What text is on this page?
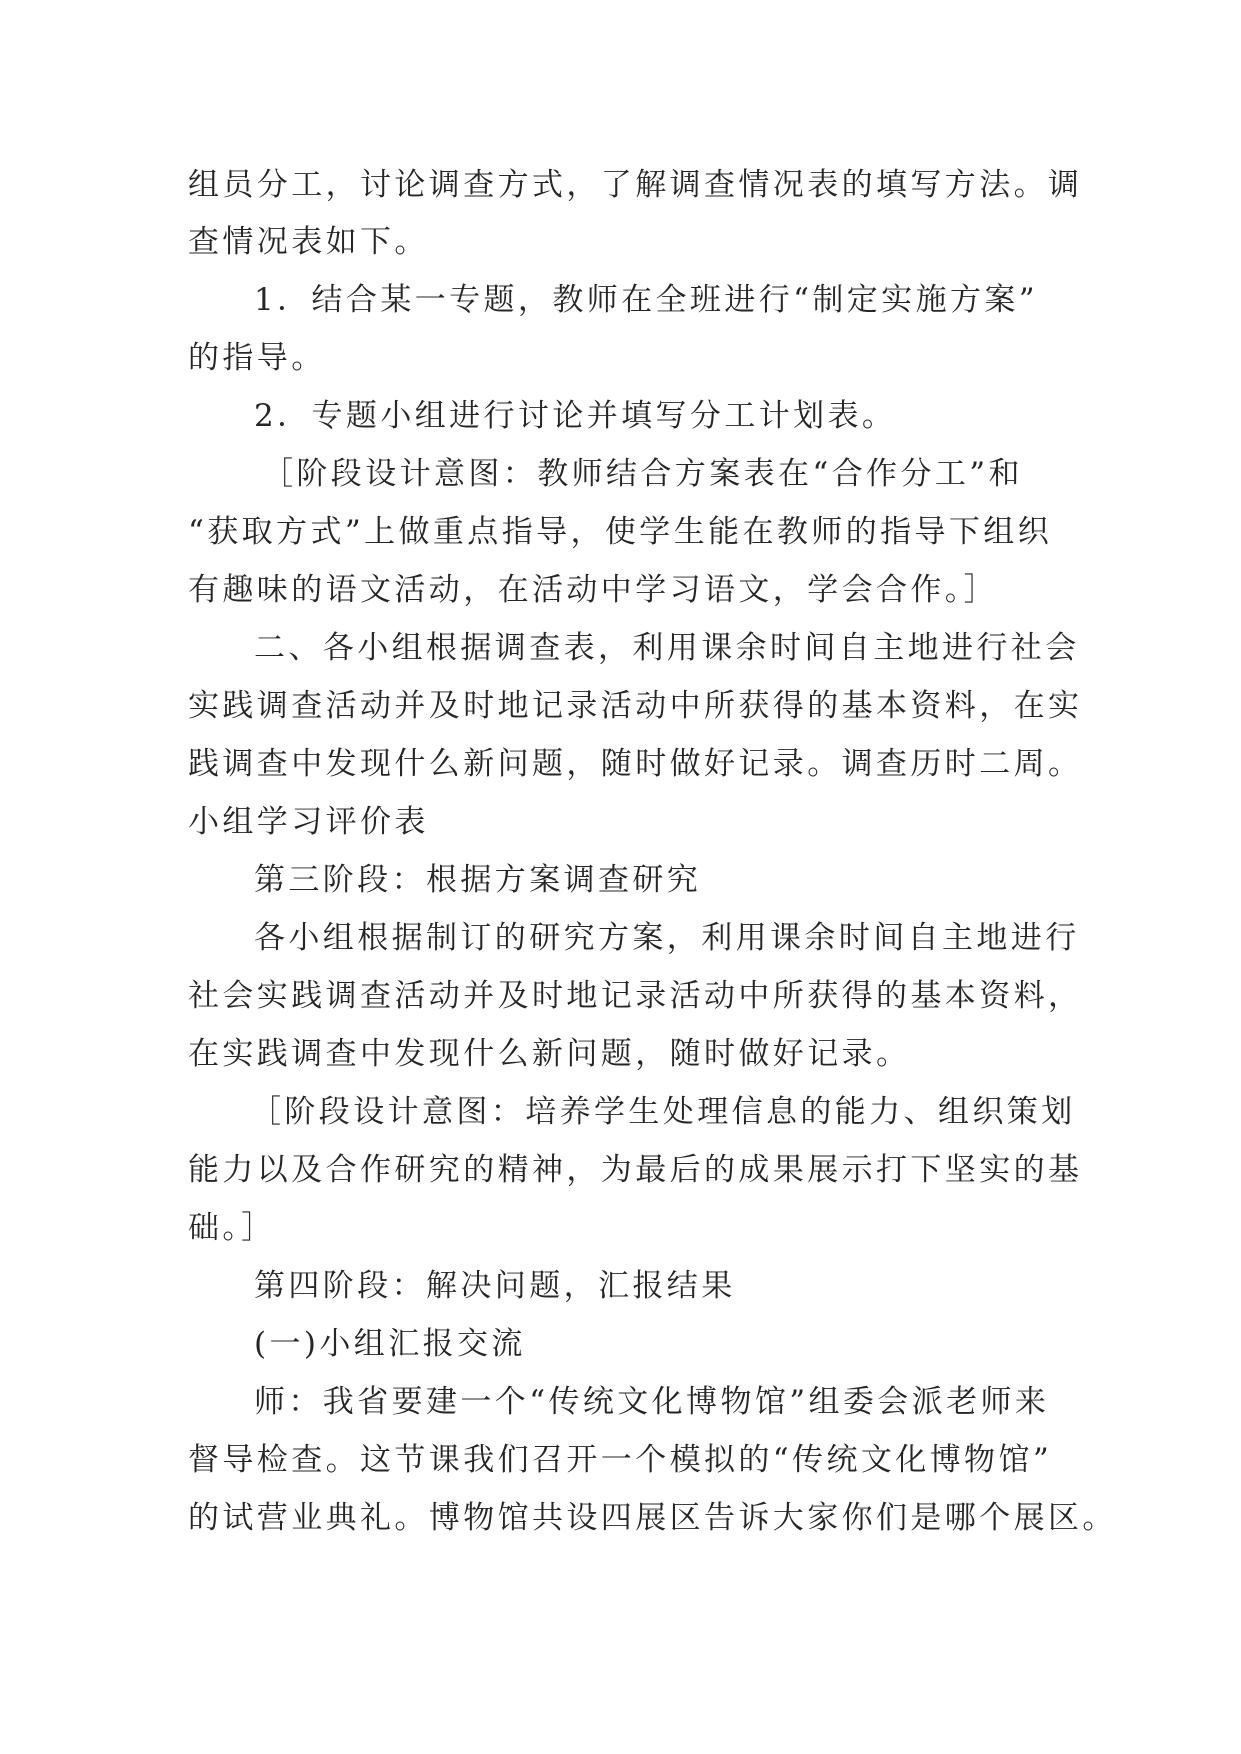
组员分工，讨论调查方式，了解调查情况表的填写方法。调
查情况表如下。
1．结合某一专题，教师在全班进行“制定实施方案”
的指导。
2．专题小组进行讨论并填写分工计划表。
［阶段设计意图：教师结合方案表在“合作分工”和
“获取方式”上做重点指导，使学生能在教师的指导下组织
有趣味的语文活动，在活动中学习语文，学会合作。］
二、各小组根据调查表，利用课余时间自主地进行社会
实践调查活动并及时地记录活动中所获得的基本资料，在实
践调查中发现什么新问题，随时做好记录。调查历时二周。
小组学习评价表
第三阶段：根据方案调查研究
各小组根据制订的研究方案，利用课余时间自主地进行
社会实践调查活动并及时地记录活动中所获得的基本资料，
在实践调查中发现什么新问题，随时做好记录。
［阶段设计意图：培养学生处理信息的能力、组织策划
能力以及合作研究的精神，为最后的成果展示打下坚实的基
础。］
第四阶段：解决问题，汇报结果
(一)小组汇报交流
师：我省要建一个“传统文化博物馆”组委会派老师来
督导检查。这节课我们召开一个模拟的“传统文化博物馆”
的试营业典礼。博物馆共设四展区告诉大家你们是哪个展区。
